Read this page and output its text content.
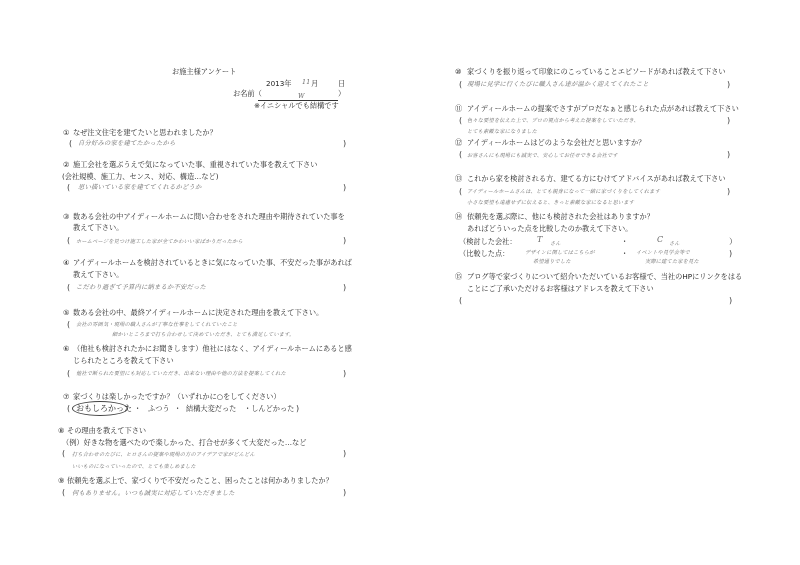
お施主様アンケート
2013年 11 月	日
お名前（	W	）
※イニシャルでも結構です
① なぜ注文住宅を建てたいと思われましたか？
( 自分好みの家を建てたかったから	)
② 施工会社を選ぶうえで気になっていた事、重視されていた事を教えて下さい
(会社規模、施工力、センス、対応、構造…など)
( 思い描いている家を建ててくれるかどうか	)
③ 数ある会社の中アイディールホームに問い合わせをされた理由や期待されていた事を
教えて下さい。
( ホームページを見つけ施工した家が全てかわいい家ばかりだったから	)
④ アイディールホームを検討されているときに気になっていた事、不安だった事があれば
教えて下さい。
( こだわり過ぎて予算内に納まるか不安だった	)
⑤ 数ある会社の中、最終アイディールホームに決定された理由を教えて下さい。
( 会社の雰囲気・現場の職人さんが丁寧な仕事をしてくれていたこと
細かいところまで打ち合わせして決めていただき、とても満足しています。
⑥ （他社も検討されたかにお聞きします）他社にはなく、アイディールホームにあると感
じられたところを教えて下さい
( 他社で断られた要望にも対応していただき、出来ない理由や他の方法を提案してくれた	)
⑦ 家づくりは楽しかったですか？（いずれかに○をしてください）
( おもしろかった ・ ふつう ・ 結構大変だった ・しんどかった )
⑧ その理由を教えて下さい
（例）好きな物を選べたので楽しかった、打合せが多くて大変だった…など
( 打ち合わせのたびに、ヒロさんの提案や現場の方のアイデアで家がどんどん	)
いいものになっていったので、とても楽しめました
⑨ 依頼先を選ぶ上で、家づくりで不安だったこと、困ったことは何かありましたか？
( 何もありません。いつも誠実に対応していただきました	)
⑩ 家づくりを振り返って印象にのこっていることエピソードがあれば教えて下さい
( 現場に見学に行くたびに職人さん達が温かく迎えてくれたこと	)
⑪ アイディールホームの提案でさすがプロだなぁと感じられた点があれば教えて下さい
( 色々な要望を伝えた上で、プロの視点から考えた提案をしていただき、
とても素敵な家になりました
)
⑫ アイディールホームはどのような会社だと思いますか？
( お客さんにも現場にも誠実で、安心してお任せできる会社です	)
⑬ これから家を検討される方、建てる方にむけてアドバイスがあれば教えて下さい
( アイディールホームさんは、とても親身になって一緒に家づくりをしてくれます
小さな要望も遠慮せずに伝えると、きっと素敵な家になると思います
)
⑭ 依頼先を選ぶ際に、他にも検討された会社はありますか？
あればどういった点を比較したのか教えて下さい。
（検討した会社：	T さん	・	C さん	）
（比較した点：	デザインに関してはこちらが
希望通りでした
・ イベントや見学会等で
実際に建てた家を見た
)
⑮ ブログ等で家づくりについて紹介いただいているお客様で、当社のHPにリンクをはる
ことにご了承いただけるお客様はアドレスを教えて下さい
(	)
